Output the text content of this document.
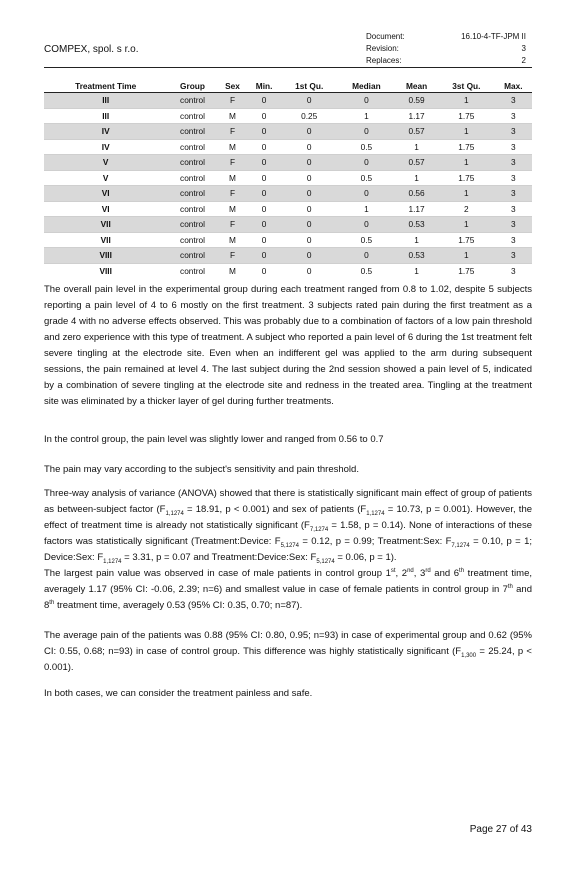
COMPEX, spol. s r.o.
Document:	16.10-4-TF-JPM II
Revision:	3
Replaces:	2
Treatment Time	Group	Sex	Min.	1st Qu.	Median	Mean	3st Qu.	Max.
III	control	F	0	0	0	0.59	1	3
III	control	M	0	0.25	1	1.17	1.75	3
IV	control	F	0	0	0	0.57	1	3
IV	control	M	0	0	0.5	1	1.75	3
V	control	F	0	0	0	0.57	1	3
V	control	M	0	0	0.5	1	1.75	3
VI	control	F	0	0	0	0.56	1	3
VI	control	M	0	0	1	1.17	2	3
VII	control	F	0	0	0	0.53	1	3
VII	control	M	0	0	0.5	1	1.75	3
VIII	control	F	0	0	0	0.53	1	3
VIII	control	M	0	0	0.5	1	1.75	3

The overall pain level in the experimental group during each treatment ranged from 0.8 to 1.02, despite 5 subjects reporting a pain level of 4 to 6 mostly on the first treatment. 3 subjects rated pain during the first treatment as a grade 4 with no adverse effects observed. This was probably due to a combination of factors of a low pain threshold and zero experience with this type of treatment. A subject who reported a pain level of 6 during the 1st treatment felt severe tingling at the electrode site. Even when an indifferent gel was applied to the arm during subsequent sessions, the pain remained at level 4. The last subject during the 2nd session showed a pain level of 5, indicated by a combination of severe tingling at the electrode site and redness in the treated area. Tingling at the treatment site was eliminated by a thicker layer of gel during further treatments.

In the control group, the pain level was slightly lower and ranged from 0.56 to 0.7

The pain may vary according to the subject's sensitivity and pain threshold.

Three-way analysis of variance (ANOVA) showed that there is statistically significant main effect of group of patients as between-subject factor ($F_{1,1274} = 18.91$, p < 0.001) and sex of patients ($F_{1,1274} = 10.73$, p = 0.001). However, the effect of treatment time is already not statistically significant ($F_{7,1274} = 1.58$, p = 0.14). None of interactions of these factors was statistically significant (Treatment:Device: $F_{5,1274} = 0.12$, p = 0.99; Treatment:Sex: $F_{7,1274} = 0.10$, p = 1; Device:Sex: $F_{1,1274} = 3.31$, p = 0.07 and Treatment:Device:Sex: $F_{5,1274} = 0.06$, p = 1).
The largest pain value was observed in case of male patients in control group 1st, 2nd, 3rd and 6th treatment time, averagely 1.17 (95% CI: -0.06, 2.39; n=6) and smallest value in case of female patients in control group in 7th and 8th treatment time, averagely 0.53 (95% CI: 0.35, 0.70; n=87).

The average pain of the patients was 0.88 (95% CI: 0.80, 0.95; n=93) in case of experimental group and 0.62 (95% CI: 0.55, 0.68; n=93) in case of control group. This difference was highly statistically significant ($F_{1,300} = 25.24$, p < 0.001).

In both cases, we can consider the treatment painless and safe.

Page 27 of 43
